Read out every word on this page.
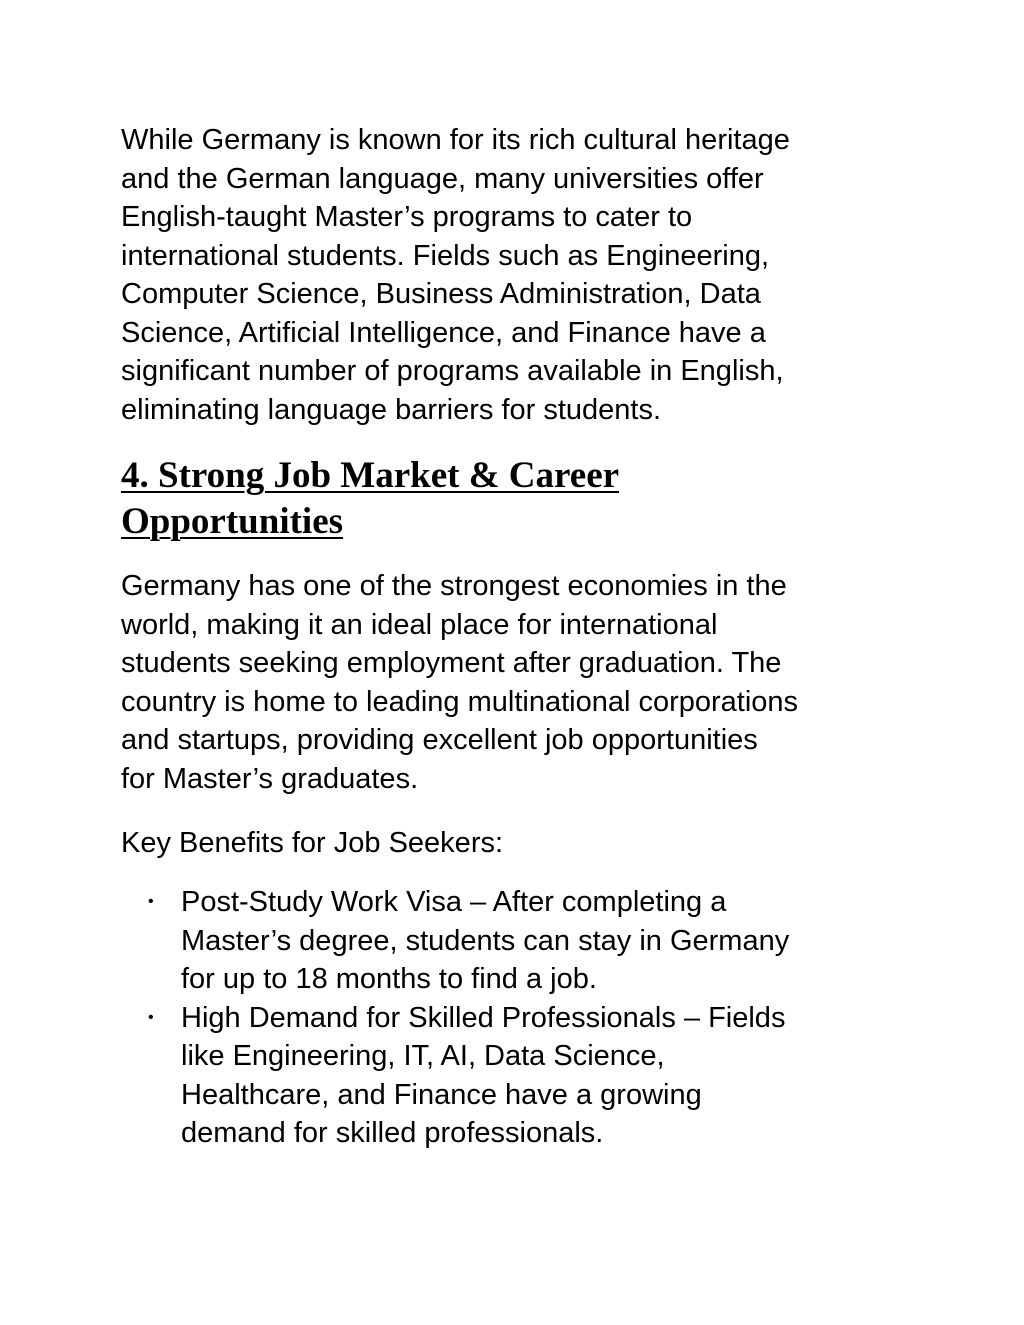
While Germany is known for its rich cultural heritage
and the German language, many universities offer
English-taught Master’s programs to cater to
international students. Fields such as Engineering,
Computer Science, Business Administration, Data
Science, Artificial Intelligence, and Finance have a
significant number of programs available in English,
eliminating language barriers for students.

4. Strong Job Market & Career
Opportunities

Germany has one of the strongest economies in the
world, making it an ideal place for international
students seeking employment after graduation. The
country is home to leading multinational corporations
and startups, providing excellent job opportunities
for Master’s graduates.

Key Benefits for Job Seekers:

• Post-Study Work Visa – After completing a
Master’s degree, students can stay in Germany
for up to 18 months to find a job.
• High Demand for Skilled Professionals – Fields
like Engineering, IT, AI, Data Science,
Healthcare, and Finance have a growing
demand for skilled professionals.
